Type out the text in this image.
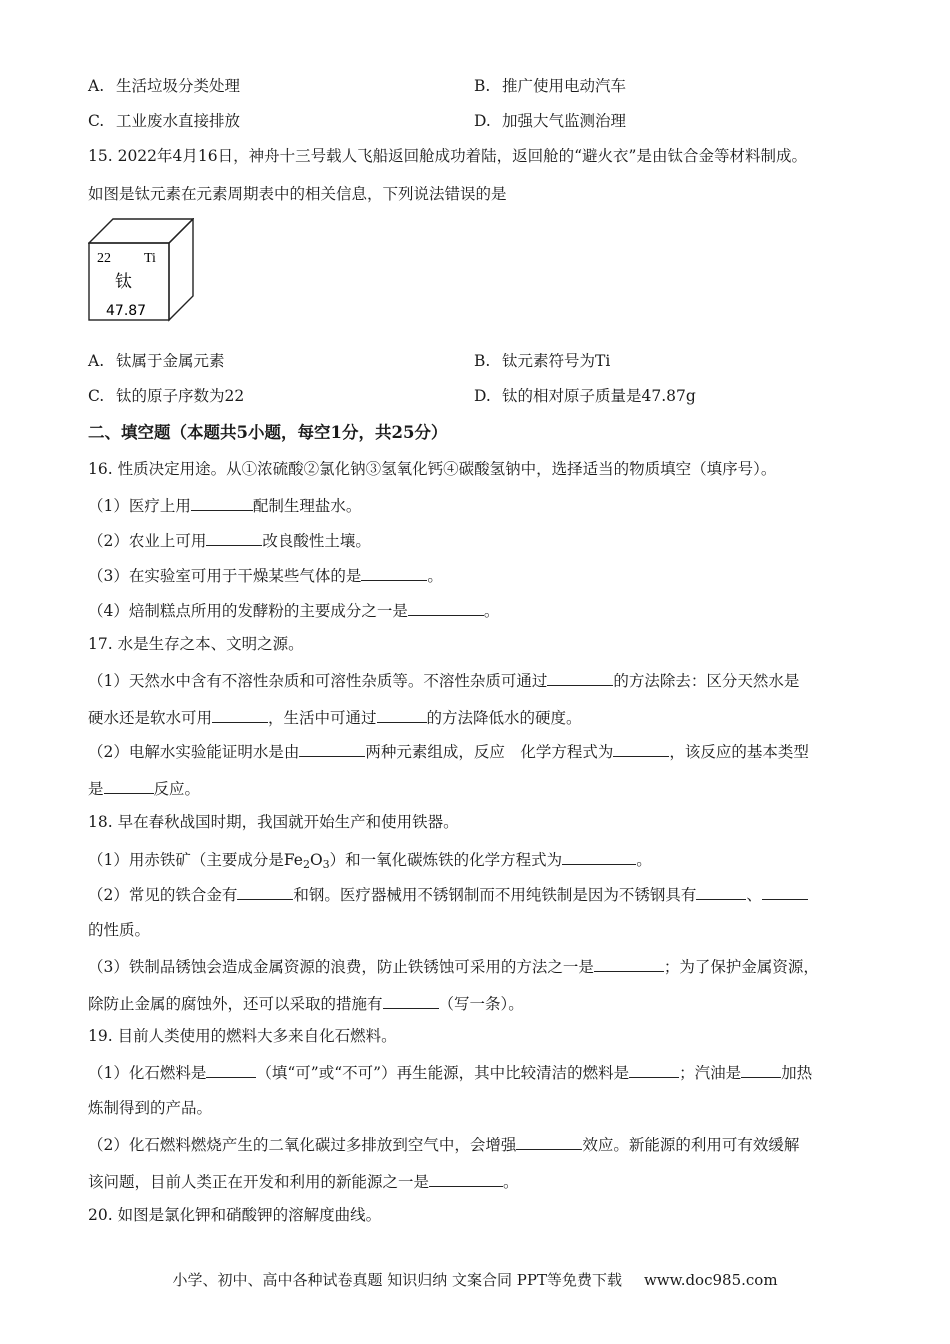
A. 生活垃圾分类处理	B. 推广使用电动汽车
C. 工业废水直接排放	D. 加强大气监测治理
15. 2022年4月16日，神舟十三号载人飞船返回舱成功着陆，返回舱的“避火衣”是由钛合金等材料制成。
如图是钛元素在元素周期表中的相关信息，下列说法错误的是
22 Ti
钛
47.87
A. 钛属于金属元素	B. 钛元素符号为Ti
C. 钛的原子序数为22	D. 钛的相对原子质量是47.87g
二、填空题（本题共5小题，每空1分，共25分）
16. 性质决定用途。从①浓硫酸②氯化钠③氢氧化钙④碳酸氢钠中，选择适当的物质填空（填序号）。
（1）医疗上用	配制生理盐水。
（2）农业上可用	改良酸性土壤。
（3）在实验室可用于干燥某些气体的是	。
（4）焙制糕点所用的发酵粉的主要成分之一是	。
17. 水是生存之本、文明之源。
（1）天然水中含有不溶性杂质和可溶性杂质等。不溶性杂质可通过	的方法除去：区分天然水是
硬水还是软水可用	，生活中可通过	的方法降低水的硬度。
（2）电解水实验能证明水是由	两种元素组成，反应　化学方程式为	，该反应的基本类型
是	反应。
18. 早在春秋战国时期，我国就开始生产和使用铁器。
（1）用赤铁矿（主要成分是$Fe_2O_3$）和一氧化碳炼铁的化学方程式为	。
（2）常见的铁合金有	和钢。医疗器械用不锈钢制而不用纯铁制是因为不锈钢具有	、
的性质。
（3）铁制品锈蚀会造成金属资源的浪费，防止铁锈蚀可采用的方法之一是	；为了保护金属资源，
除防止金属的腐蚀外，还可以采取的措施有	（写一条）。
19. 目前人类使用的燃料大多来自化石燃料。
（1）化石燃料是	（填“可”或“不可”）再生能源，其中比较清洁的燃料是	；汽油是	加热
炼制得到的产品。
（2）化石燃料燃烧产生的二氧化碳过多排放到空气中，会增强	效应。新能源的利用可有效缓解
该问题，目前人类正在开发和利用的新能源之一是	。
20. 如图是氯化钾和硝酸钾的溶解度曲线。
小学、初中、高中各种试卷真题 知识归纳 文案合同 PPT等免费下载 www.doc985.com
